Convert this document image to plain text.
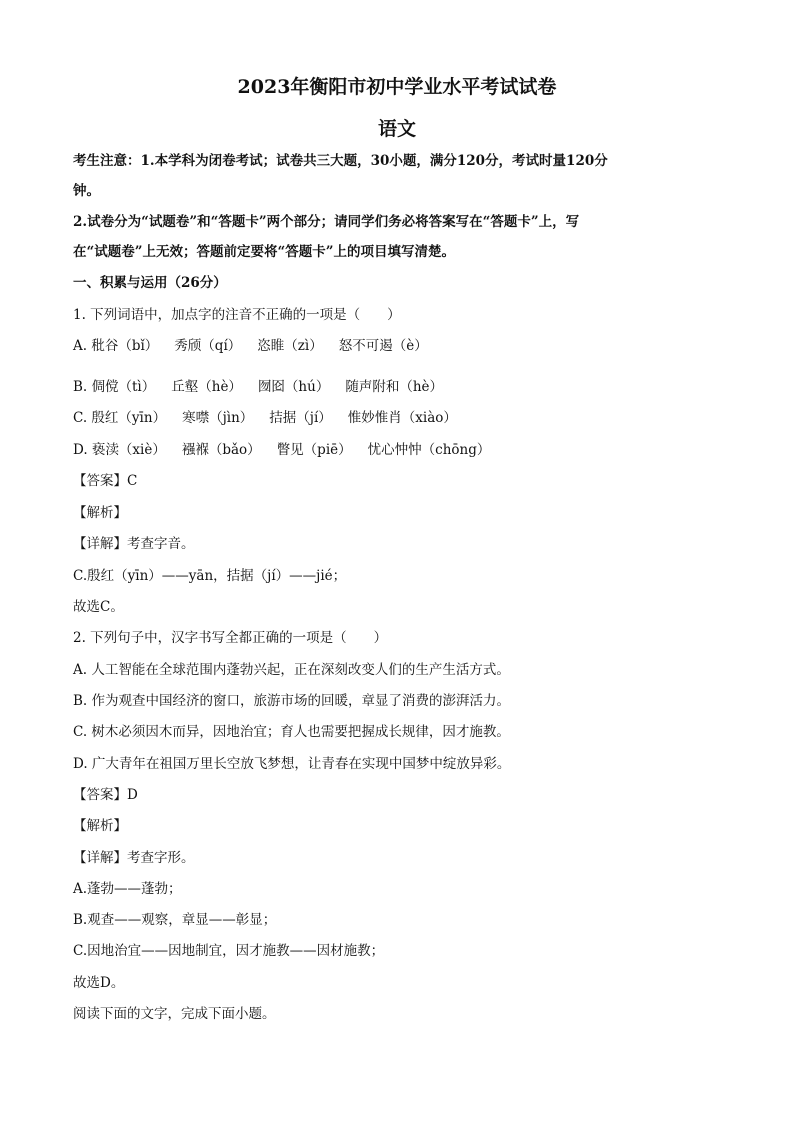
2023年衡阳市初中学业水平考试试卷
语文
考生注意：1.本学科为闭卷考试；试卷共三大题，30小题，满分120分，考试时量120分
钟。
2.试卷分为“试题卷”和“答题卡”两个部分；请同学们务必将答案写在“答题卡”上，写
在“试题卷”上无效；答题前定要将“答题卡”上的项目填写清楚。
一、积累与运用（26分）
1. 下列词语中，加点字的注音不正确的一项是（　　）
A. 秕谷（bǐ） 秀颀（qí） 恣睢（zì） 怒不可遏（è）
B. 倜傥（tì） 丘壑（hè） 囫囵（hú） 随声附和（hè）
C. 殷红（yīn） 寒噤（jìn） 拮据（jí） 惟妙惟肖（xiào）
D. 亵渎（xiè） 襁褓（bǎo） 瞥见（piē） 忧心忡忡（chōng）
【答案】C
【解析】
【详解】考查字音。
C.殷红（yīn）——yān，拮据（jí）——jié；
故选C。
2. 下列句子中，汉字书写全都正确的一项是（　　）
A. 人工智能在全球范围内蓬勃兴起，正在深刻改变人们的生产生活方式。
B. 作为观查中国经济的窗口，旅游市场的回暖，章显了消费的澎湃活力。
C. 树木必须因木而异，因地治宜；育人也需要把握成长规律，因才施教。
D. 广大青年在祖国万里长空放飞梦想，让青春在实现中国梦中绽放异彩。
【答案】D
【解析】
【详解】考查字形。
A.蓬勃——蓬勃；
B.观查——观察，章显——彰显；
C.因地治宜——因地制宜，因才施教——因材施教；
故选D。
阅读下面的文字，完成下面小题。
